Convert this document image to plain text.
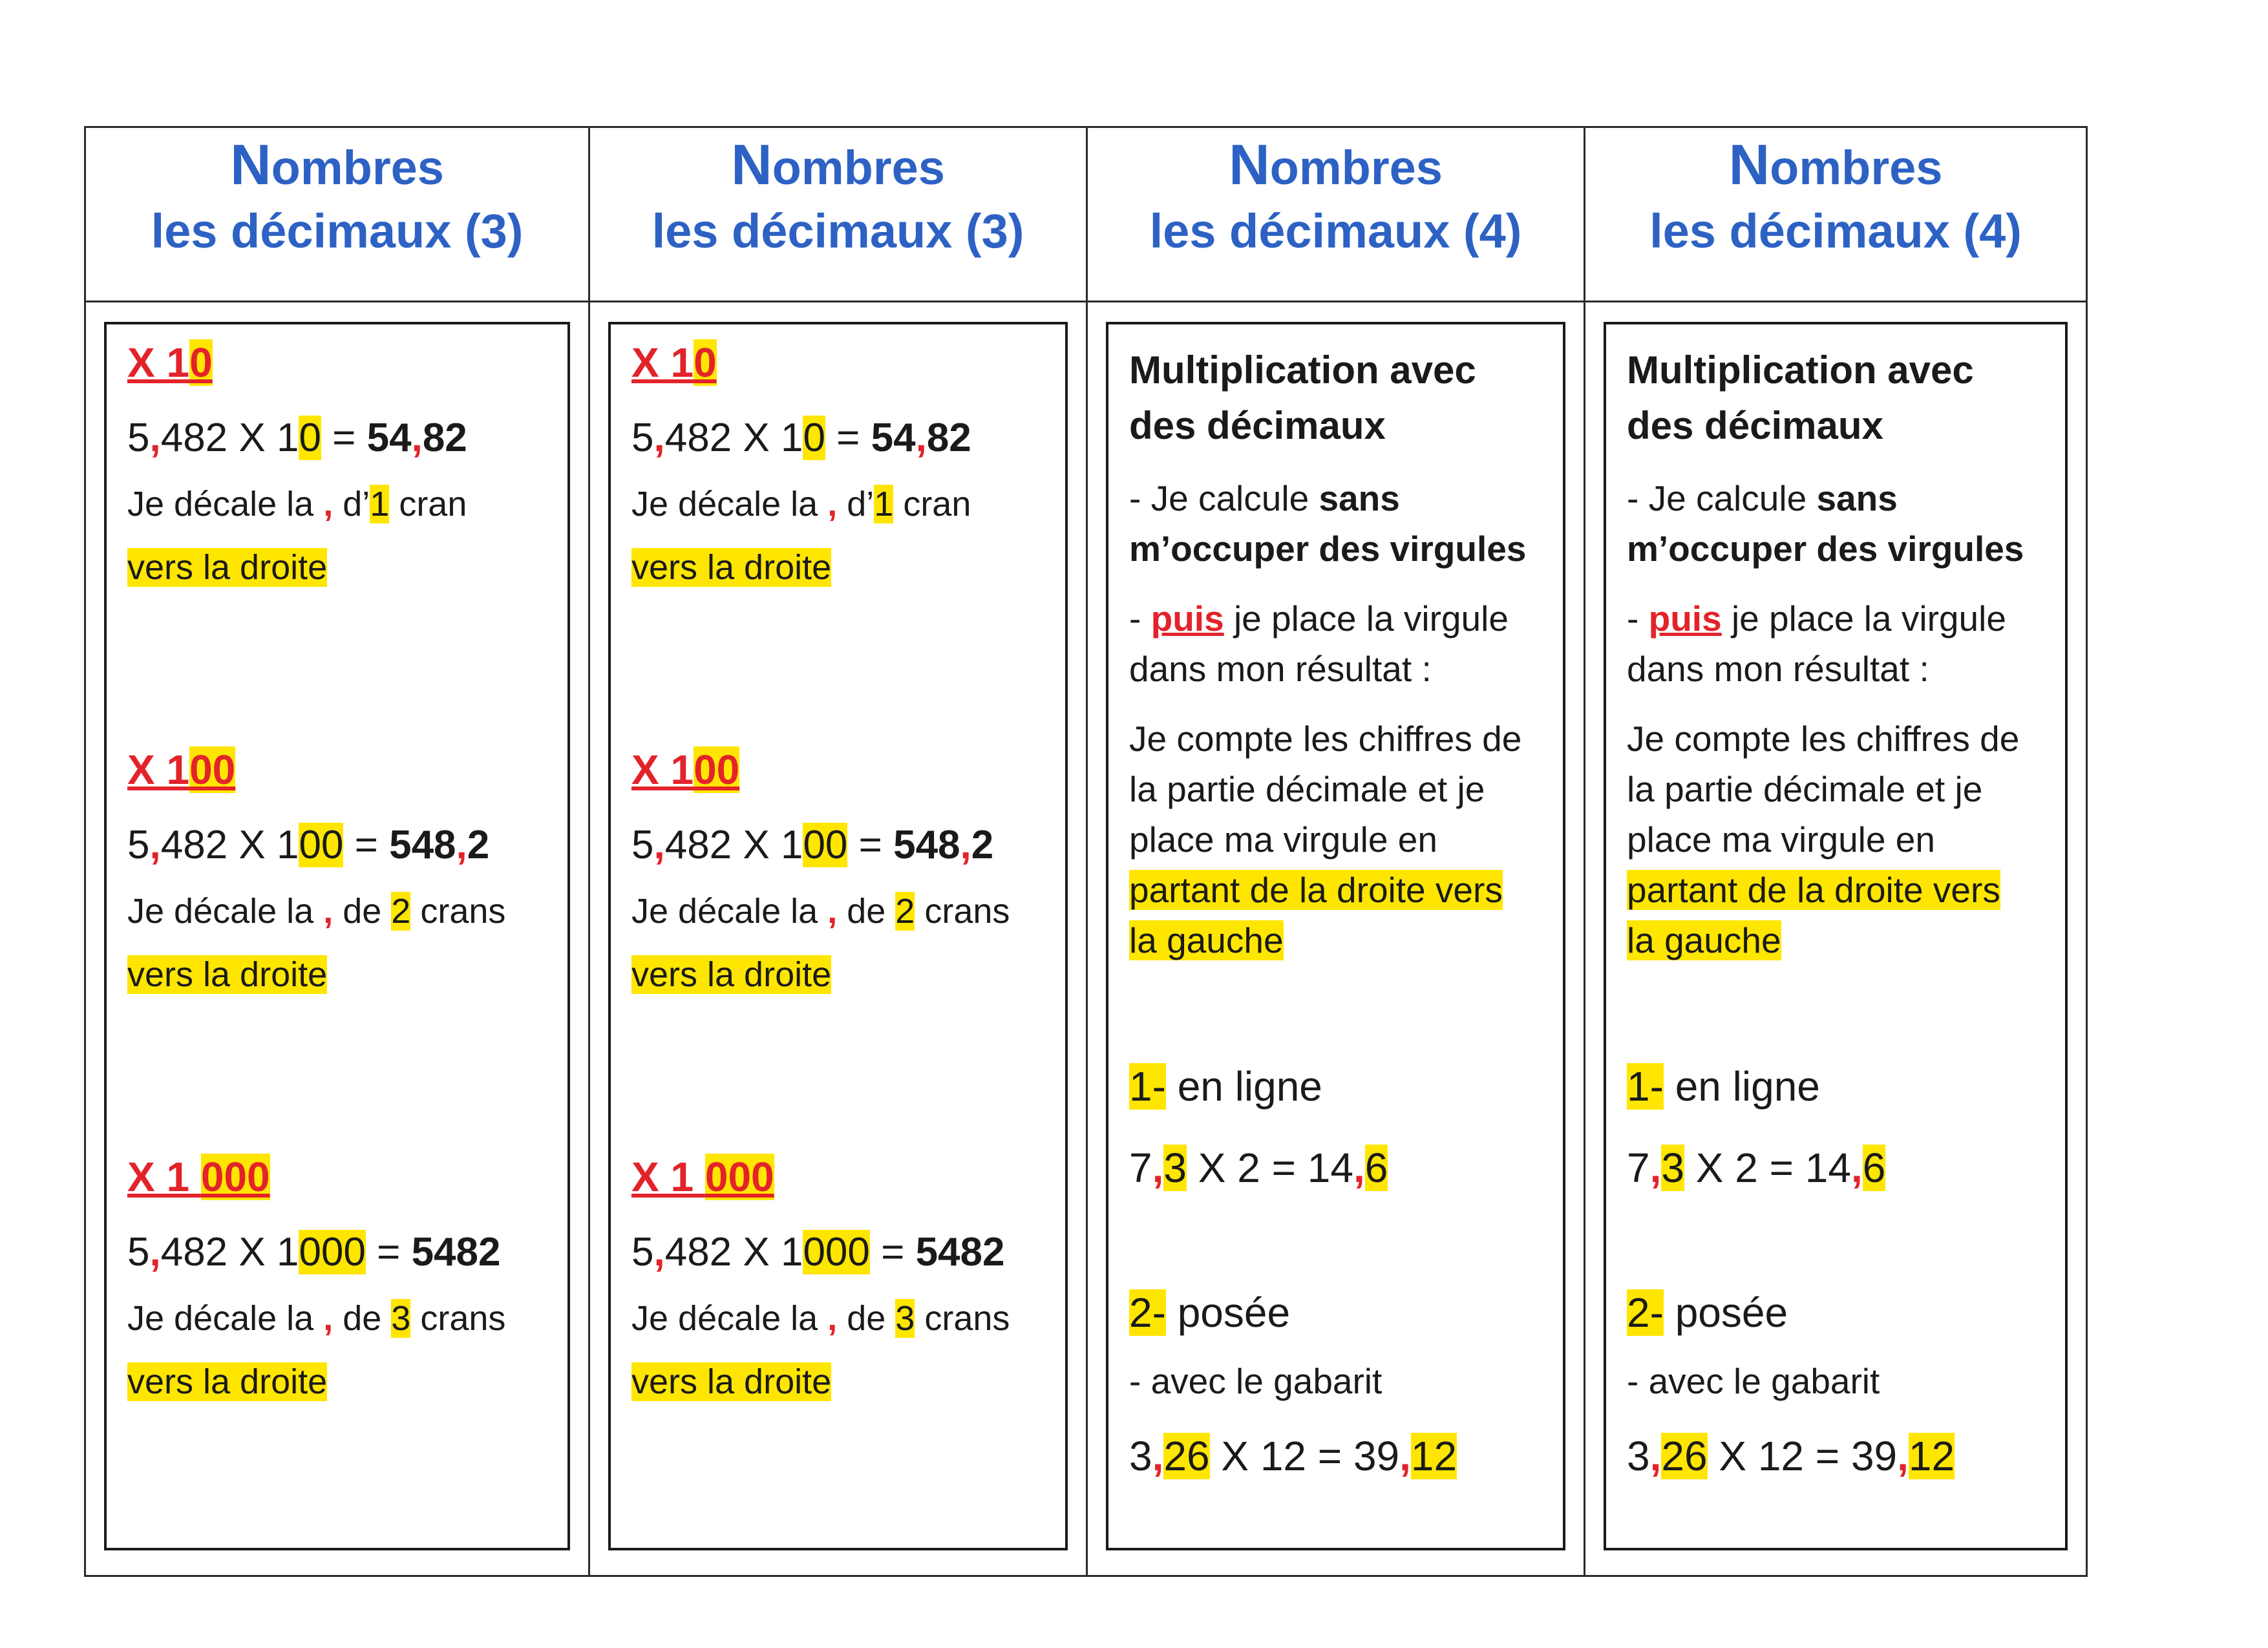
Nombres
les décimaux (3)
X 10
5,482 X 10 = 54,82
Je décale la , d’1 cran
vers la droite
X 100
5,482 X 100 = 548,2
Je décale la , de 2 crans
vers la droite
X 1 000
5,482 X 1000 = 5482
Je décale la , de 3 crans
vers la droite
Nombres
les décimaux (3)
X 10
5,482 X 10 = 54,82
Je décale la , d’1 cran
vers la droite
X 100
5,482 X 100 = 548,2
Je décale la , de 2 crans
vers la droite
X 1 000
5,482 X 1000 = 5482
Je décale la , de 3 crans
vers la droite
Nombres
les décimaux (4)
Multiplication avec
des décimaux
- Je calcule sans
m’occuper des virgules
- puis je place la virgule
dans mon résultat :
Je compte les chiffres de
la partie décimale et je
place ma virgule en
partant de la droite vers
la gauche
1- en ligne
7,3 X 2 = 14,6
2- posée
- avec le gabarit
3,26 X 12 = 39,12
Nombres
les décimaux (4)
Multiplication avec
des décimaux
- Je calcule sans
m’occuper des virgules
- puis je place la virgule
dans mon résultat :
Je compte les chiffres de
la partie décimale et je
place ma virgule en
partant de la droite vers
la gauche
1- en ligne
7,3 X 2 = 14,6
2- posée
- avec le gabarit
3,26 X 12 = 39,12
